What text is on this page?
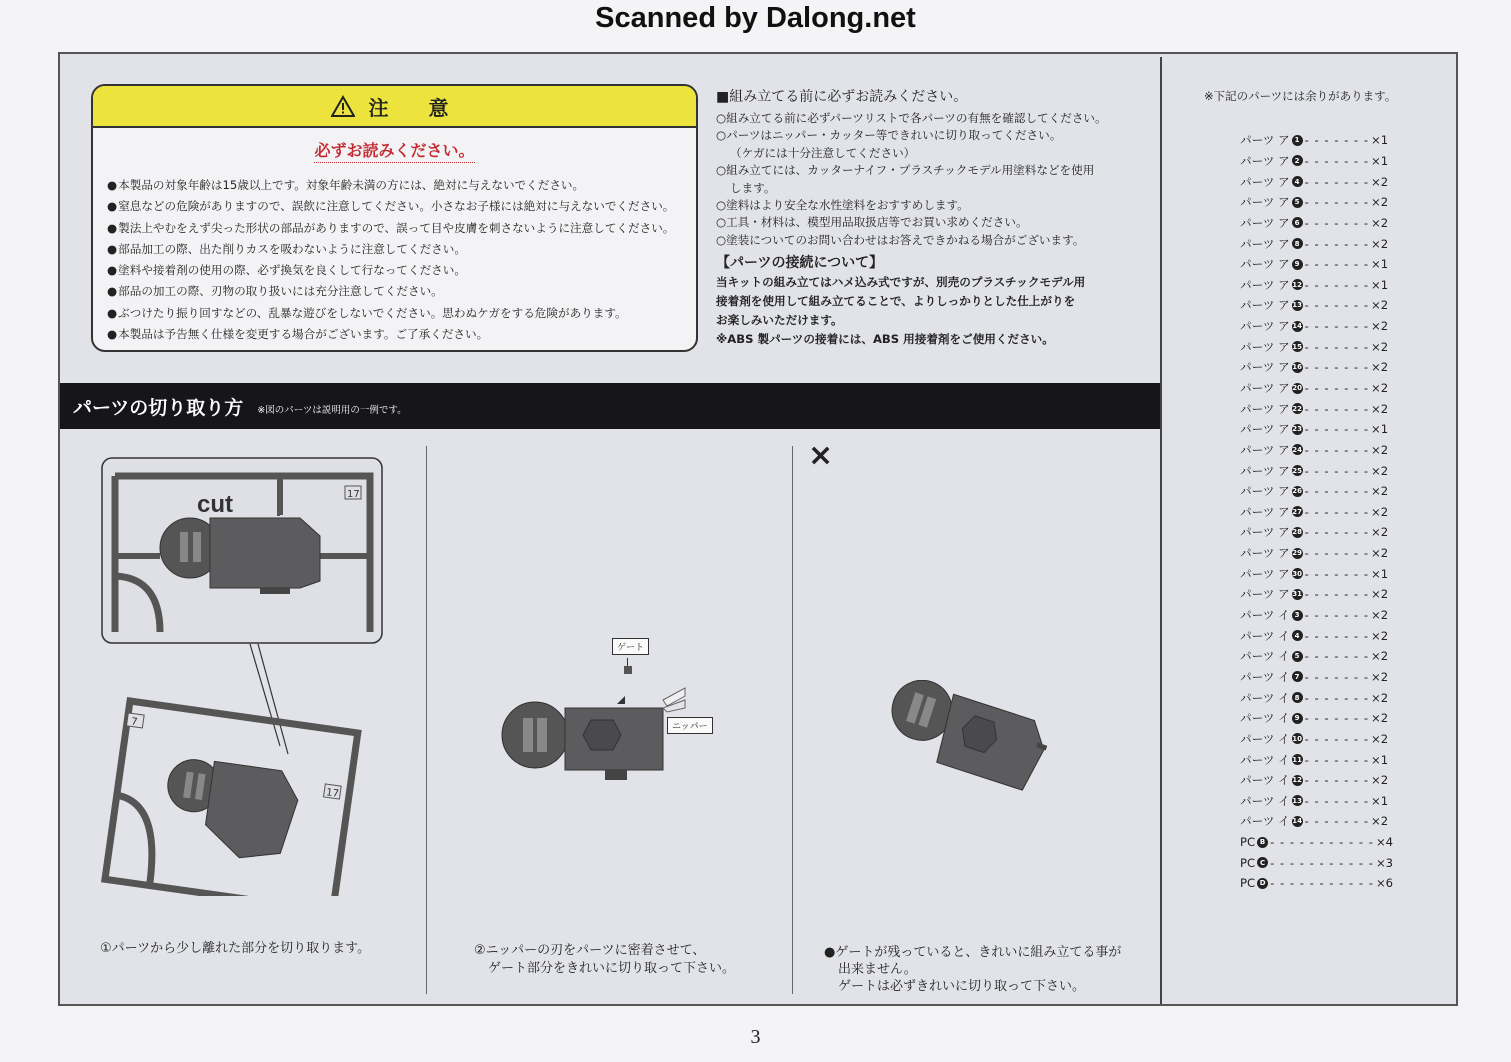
Scanned by Dalong.net
注　意
必ずお読みください。
● 本製品の対象年齢は15歳以上です。対象年齢未満の方には、絶対に与えないでください。
● 窒息などの危険がありますので、誤飲に注意してください。小さなお子様には絶対に与えないでください。
● 製法上やむをえず尖った形状の部品がありますので、誤って目や皮膚を刺さないように注意してください。
● 部品加工の際、出た削りカスを吸わないように注意してください。
● 塗料や接着剤の使用の際、必ず換気を良くして行なってください。
● 部品の加工の際、刃物の取り扱いには充分注意してください。
● ぶつけたり振り回すなどの、乱暴な遊びをしないでください。思わぬケガをする危険があります。
● 本製品は予告無く仕様を変更する場合がございます。ご了承ください。
■組み立てる前に必ずお読みください。
○組み立てる前に必ずパーツリストで各パーツの有無を確認してください。
○パーツはニッパー・カッター等できれいに切り取ってください。
（ケガには十分注意してください）
○組み立てには、カッターナイフ・プラスチックモデル用塗料などを使用
します。
○塗料はより安全な水性塗料をおすすめします。
○工具・材料は、模型用品取扱店等でお買い求めください。
○塗装についてのお問い合わせはお答えできかねる場合がございます。
【パーツの接続について】
当キットの組み立てはハメ込み式ですが、別売のプラスチックモデル用
接着剤を使用して組み立てることで、よりしっかりとした仕上がりを
お楽しみいただけます。
※ABS 製パーツの接着には、ABS 用接着剤をご使用ください。
パーツの切り取り方 ※図のパーツは説明用の一例です。
17
cut
7
17
ゲート
ニッパー
×
①パーツから少し離れた部分を切り取ります。	②ニッパーの刃をパーツに密着させて、
ゲート部分をきれいに切り取って下さい。
●ゲートが残っていると、きれいに組み立てる事が
出来ません。
ゲートは必ずきれいに切り取って下さい。
※下記のパーツには余りがあります。
パーツ ア 1 - - - - - - - ×1
パーツ ア 2 - - - - - - - ×1
パーツ ア 4 - - - - - - - ×2
パーツ ア 5 - - - - - - - ×2
パーツ ア 6 - - - - - - - ×2
パーツ ア 8 - - - - - - - ×2
パーツ ア 9 - - - - - - - ×1
パーツ ア 12 - - - - - - - ×1
パーツ ア 13 - - - - - - - ×2
パーツ ア 14 - - - - - - - ×2
パーツ ア 15 - - - - - - - ×2
パーツ ア 16 - - - - - - - ×2
パーツ ア 20 - - - - - - - ×2
パーツ ア 22 - - - - - - - ×2
パーツ ア 23 - - - - - - - ×1
パーツ ア 24 - - - - - - - ×2
パーツ ア 25 - - - - - - - ×2
パーツ ア 26 - - - - - - - ×2
パーツ ア 27 - - - - - - - ×2
パーツ ア 28 - - - - - - - ×2
パーツ ア 29 - - - - - - - ×2
パーツ ア 30 - - - - - - - ×1
パーツ ア 31 - - - - - - - ×2
パーツ イ 3 - - - - - - - ×2
パーツ イ 4 - - - - - - - ×2
パーツ イ 5 - - - - - - - ×2
パーツ イ 7 - - - - - - - ×2
パーツ イ 8 - - - - - - - ×2
パーツ イ 9 - - - - - - - ×2
パーツ イ 10 - - - - - - - ×2
パーツ イ 11 - - - - - - - ×1
パーツ イ 12 - - - - - - - ×2
パーツ イ 13 - - - - - - - ×1
パーツ イ 14 - - - - - - - ×2
PC B - - - - - - - - - - - ×4
PC C - - - - - - - - - - - ×3
PC D - - - - - - - - - - - ×6
3
